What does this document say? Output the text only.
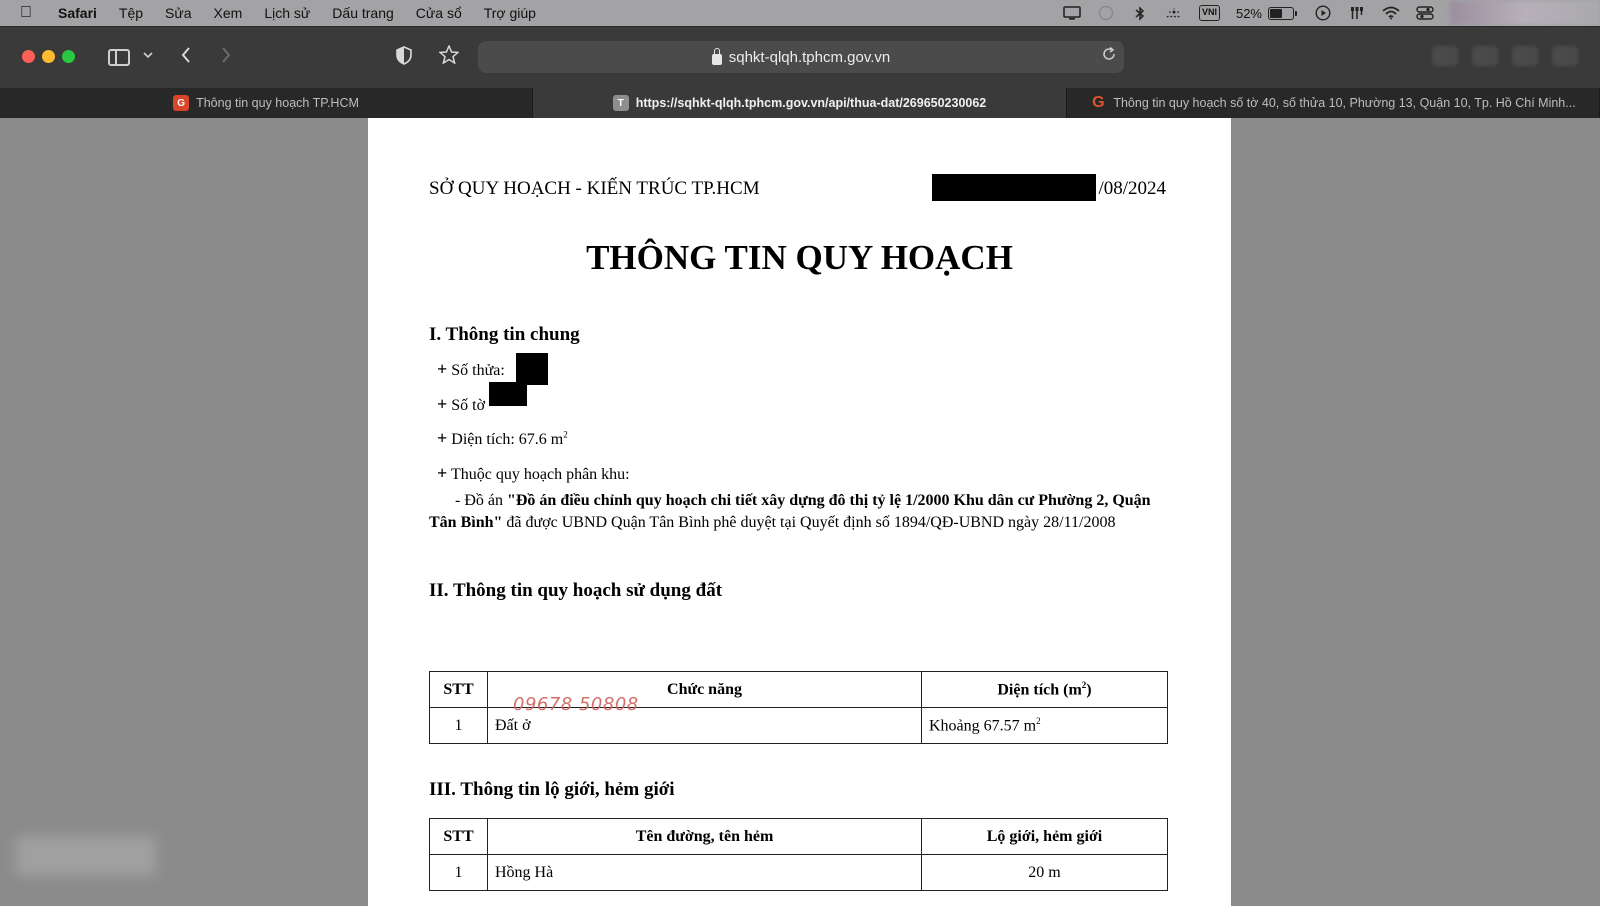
Safari Tệp Sửa Xem Lịch sử Dấu trang Cửa sổ Trợ giúp	VNI 52%
sqhkt-qlqh.tphcm.gov.vn
G Thông tin quy hoạch TP.HCM	T https://sqhkt-qlqh.tphcm.gov.vn/api/thua-dat/269650230062	G Thông tin quy hoạch số tờ 40, số thửa 10, Phường 13, Quận 10, Tp. Hồ Chí Minh...
SỞ QUY HOẠCH - KIẾN TRÚC TP.HCM	/08/2024
THÔNG TIN QUY HOẠCH
I. Thông tin chung
+ Số thửa:
+ Số tờ
+ Diện tích: 67.6 $m^2$
+ Thuộc quy hoạch phân khu:
- Đồ án "Đồ án điều chỉnh quy hoạch chi tiết xây dựng đô thị tỷ lệ 1/2000 Khu dân cư Phường 2, Quận Tân Bình" đã được UBND Quận Tân Bình phê duyệt tại Quyết định số 1894/QĐ-UBND ngày 28/11/2008
II. Thông tin quy hoạch sử dụng đất
STT	Chức năng	Diện tích $(m^2)$
1	Đất ở	Khoảng 67.57 $m^2$
09678 50808
III. Thông tin lộ giới, hẻm giới
STT	Tên đường, tên hẻm	Lộ giới, hẻm giới
1	Hồng Hà	20 m
